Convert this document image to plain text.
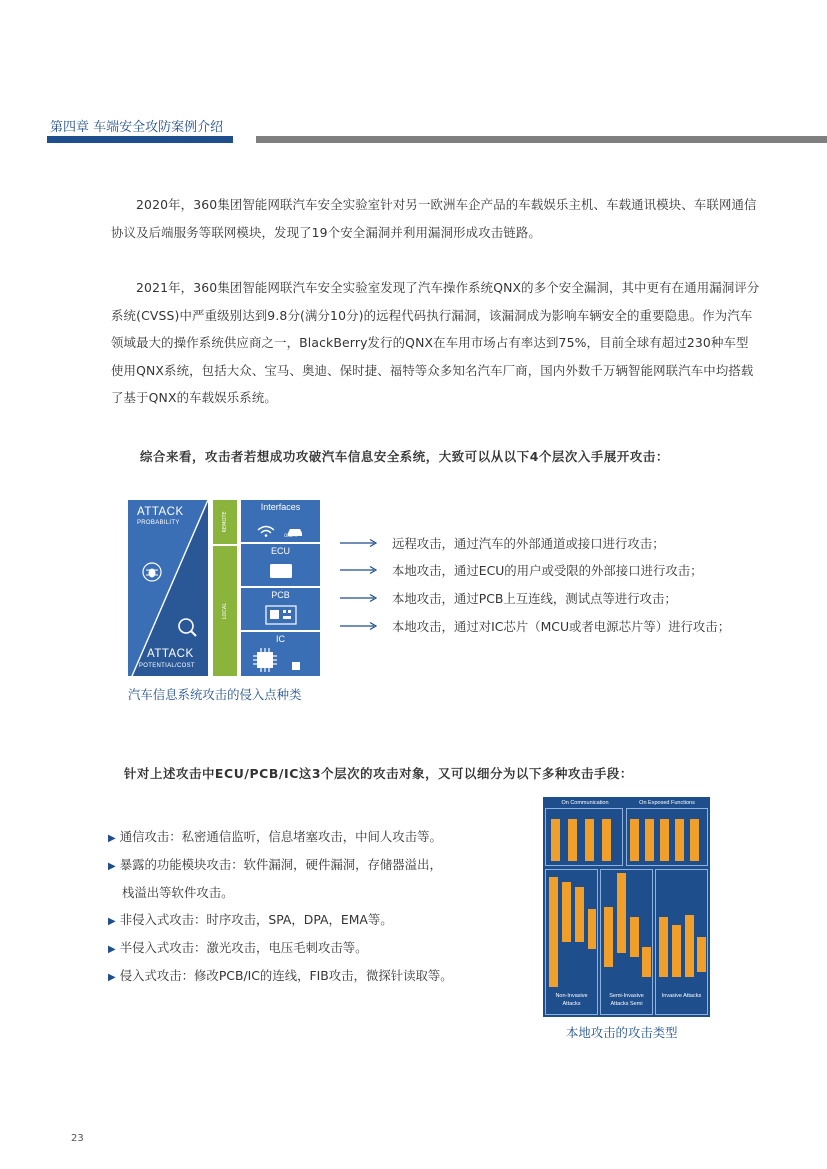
第四章 车端安全攻防案例介绍

2020年，360集团智能网联汽车安全实验室针对另一欧洲车企产品的车载娱乐主机、车载通讯模块、车联网通信协议及后端服务等联网模块，发现了19个安全漏洞并利用漏洞形成攻击链路。

2021年，360集团智能网联汽车安全实验室发现了汽车操作系统QNX的多个安全漏洞，其中更有在通用漏洞评分系统(CVSS)中严重级别达到9.8分(满分10分)的远程代码执行漏洞，该漏洞成为影响车辆安全的重要隐患。作为汽车领域最大的操作系统供应商之一，BlackBerry发行的QNX在车用市场占有率达到75%，目前全球有超过230种车型使用QNX系统，包括大众、宝马、奥迪、保时捷、福特等众多知名汽车厂商，国内外数千万辆智能网联汽车中均搭载了基于QNX的车载娱乐系统。

综合来看，攻击者若想成功攻破汽车信息安全系统，大致可以从以下4个层次入手展开攻击：
ATTACK
PROBABILITY
ATTACK
POTENTIAL/COST
REMOTE
LOCAL
Interfaces
OBD-II
ECU
PCB
IC
汽车信息系统攻击的侵入点种类
远程攻击，通过汽车的外部通道或接口进行攻击；
本地攻击，通过ECU的用户或受限的外部接口进行攻击；
本地攻击，通过PCB上互连线，测试点等进行攻击；
本地攻击，通过对IC芯片（MCU或者电源芯片等）进行攻击；
针对上述攻击中ECU/PCB/IC这3个层次的攻击对象，又可以细分为以下多种攻击手段：
▶ 通信攻击：私密通信监听，信息堵塞攻击，中间人攻击等。
▶ 暴露的功能模块攻击：软件漏洞，硬件漏洞，存储器溢出，
栈溢出等软件攻击。
▶ 非侵入式攻击：时序攻击，SPA，DPA，EMA等。
▶ 半侵入式攻击：激光攻击，电压毛刺攻击等。
▶ 侵入式攻击：修改PCB/IC的连线，FIB攻击，微探针读取等。
On Communication	On Exposed Functions
Non-Invasive Attacks
Semi-Invasive Attacks Semi
Invasive Attacks
本地攻击的攻击类型
23
